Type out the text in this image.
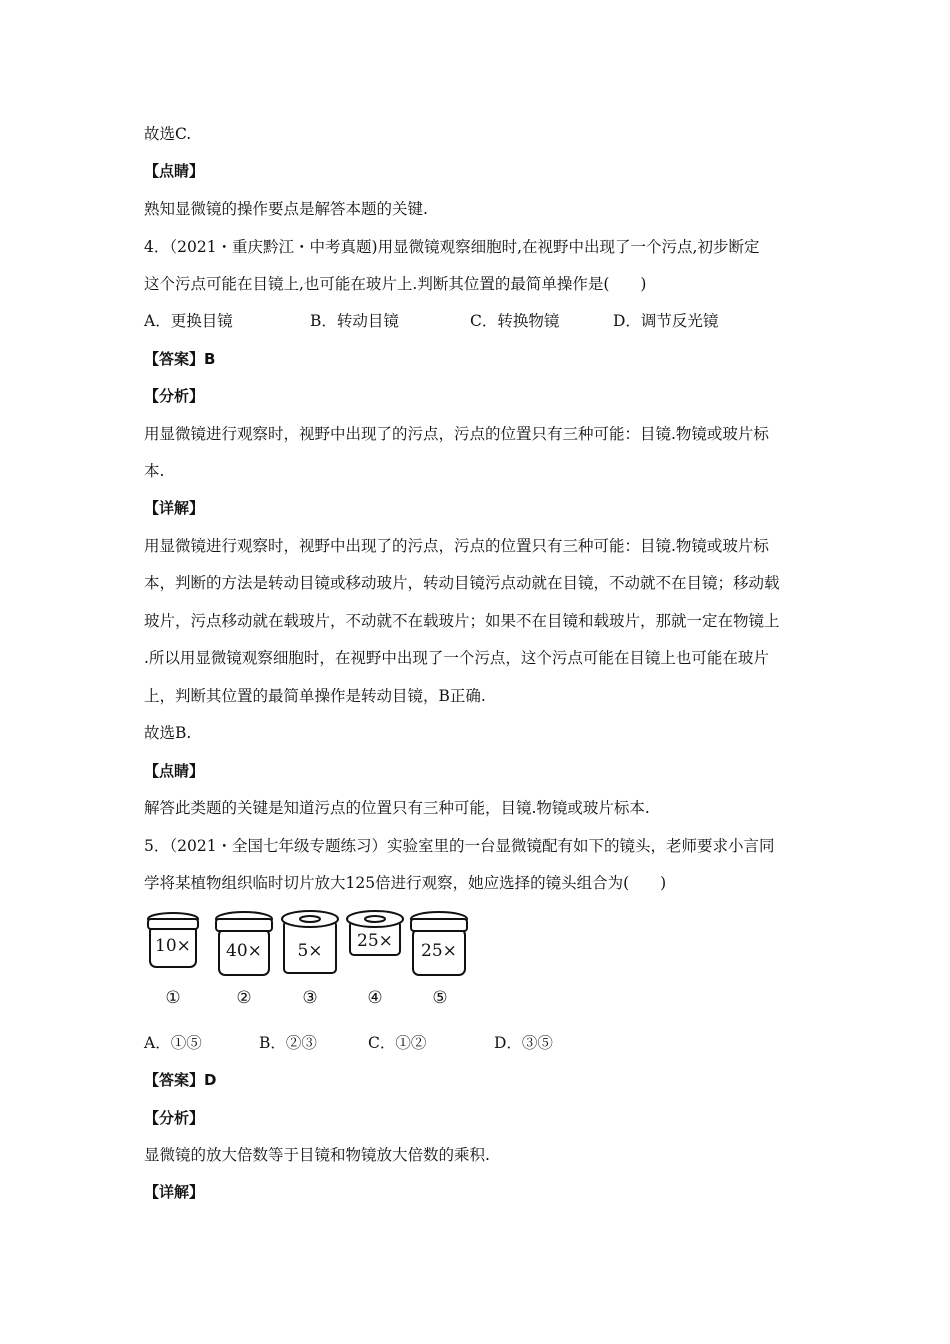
故选C.
【点睛】
熟知显微镜的操作要点是解答本题的关键.
4．（2021・重庆黔江・中考真题)用显微镜观察细胞时,在视野中出现了一个污点,初步断定
这个污点可能在目镜上,也可能在玻片上.判断其位置的最简单操作是(　　)
A．更换目镜	B．转动目镜	C．转换物镜	D．调节反光镜
【答案】B
【分析】
用显微镜进行观察时，视野中出现了的污点，污点的位置只有三种可能：目镜.物镜或玻片标
本.
【详解】
用显微镜进行观察时，视野中出现了的污点，污点的位置只有三种可能：目镜.物镜或玻片标
本，判断的方法是转动目镜或移动玻片，转动目镜污点动就在目镜，不动就不在目镜；移动载
玻片，污点移动就在载玻片，不动就不在载玻片；如果不在目镜和载玻片，那就一定在物镜上
.所以用显微镜观察细胞时，在视野中出现了一个污点，这个污点可能在目镜上也可能在玻片
上，判断其位置的最简单操作是转动目镜，B正确.
故选B.
【点睛】
解答此类题的关键是知道污点的位置只有三种可能，目镜.物镜或玻片标本.
5．（2021・全国七年级专题练习）实验室里的一台显微镜配有如下的镜头，老师要求小言同
学将某植物组织临时切片放大125倍进行观察，她应选择的镜头组合为(　　)
10× 40×	5×	25× 25×
①	②	③	④	⑤
A．①⑤	B．②③	C．①②	D．③⑤
【答案】D
【分析】
显微镜的放大倍数等于目镜和物镜放大倍数的乘积.
【详解】
